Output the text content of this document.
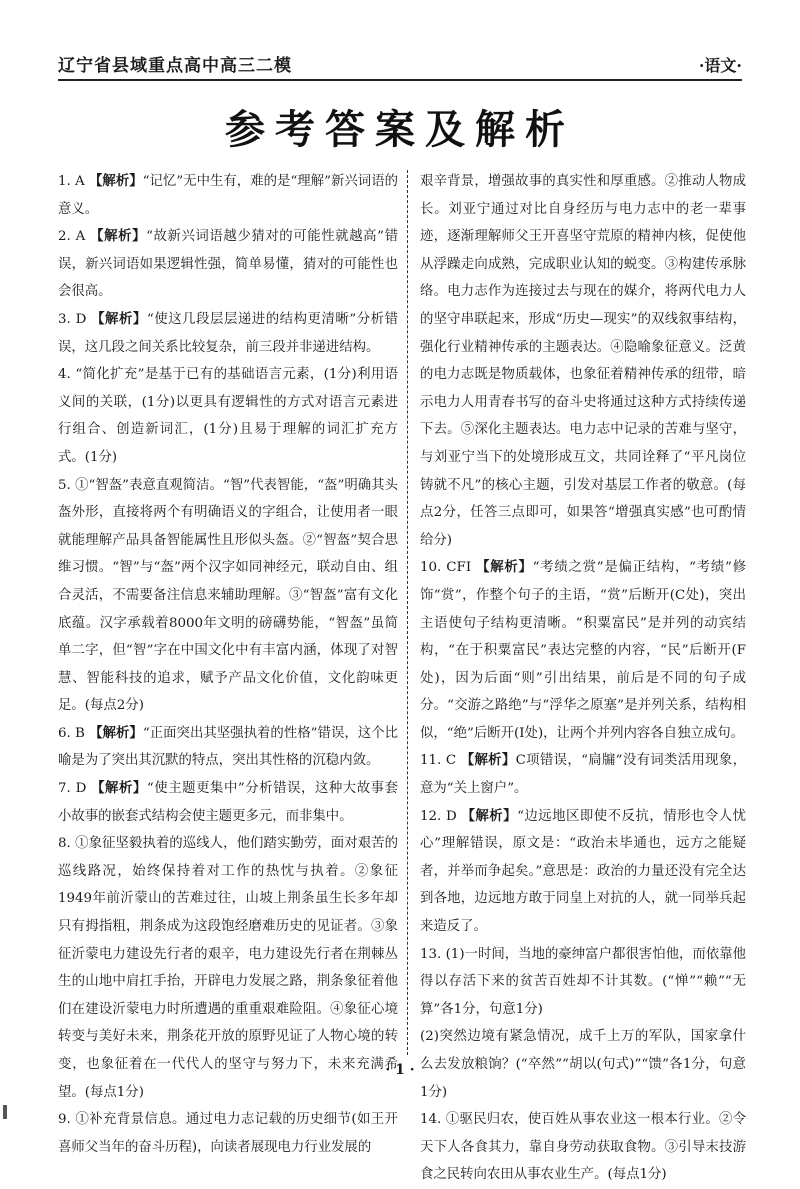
辽宁省县域重点高中高三二模	·语文·
参考答案及解析

1. A 【解析】“记忆”无中生有，难的是“理解”新兴词语的意义。

2. A 【解析】“故新兴词语越少猜对的可能性就越高”错误，新兴词语如果逻辑性强，简单易懂，猜对的可能性也会很高。

3. D 【解析】“使这几段层层递进的结构更清晰”分析错误，这几段之间关系比较复杂，前三段并非递进结构。

4. “简化扩充”是基于已有的基础语言元素，(1分)利用语义间的关联，(1分)以更具有逻辑性的方式对语言元素进行组合、创造新词汇，(1分)且易于理解的词汇扩充方式。(1分)

5. ①“智盔”表意直观简洁。“智”代表智能，“盔”明确其头盔外形，直接将两个有明确语义的字组合，让使用者一眼就能理解产品具备智能属性且形似头盔。②“智盔”契合思维习惯。“智”与“盔”两个汉字如同神经元，联动自由、组合灵活，不需要备注信息来辅助理解。③“智盔”富有文化底蕴。汉字承载着8000年文明的磅礴势能，“智盔”虽简单二字，但“智”字在中国文化中有丰富内涵，体现了对智慧、智能科技的追求，赋予产品文化价值，文化韵味更足。(每点2分)

6. B 【解析】“正面突出其坚强执着的性格”错误，这个比喻是为了突出其沉默的特点，突出其性格的沉稳内敛。

7. D 【解析】“使主题更集中”分析错误，这种大故事套小故事的嵌套式结构会使主题更多元，而非集中。

8. ①象征坚毅执着的巡线人，他们踏实勤劳，面对艰苦的巡线路况，始终保持着对工作的热忱与执着。②象征1949年前沂蒙山的苦难过往，山坡上荆条虽生长多年却只有拇指粗，荆条成为这段饱经磨难历史的见证者。③象征沂蒙电力建设先行者的艰辛，电力建设先行者在荆棘丛生的山地中肩扛手抬，开辟电力发展之路，荆条象征着他们在建设沂蒙电力时所遭遇的重重艰难险阻。④象征心境转变与美好未来，荆条花开放的原野见证了人物心境的转变，也象征着在一代代人的坚守与努力下，未来充满希望。(每点1分)

9. ①补充背景信息。通过电力志记载的历史细节(如王开喜师父当年的奋斗历程)，向读者展现电力行业发展的

艰辛背景，增强故事的真实性和厚重感。②推动人物成长。刘亚宁通过对比自身经历与电力志中的老一辈事迹，逐渐理解师父王开喜坚守荒原的精神内核，促使他从浮躁走向成熟，完成职业认知的蜕变。③构建传承脉络。电力志作为连接过去与现在的媒介，将两代电力人的坚守串联起来，形成“历史—现实”的双线叙事结构，强化行业精神传承的主题表达。④隐喻象征意义。泛黄的电力志既是物质载体，也象征着精神传承的纽带，暗示电力人用青春书写的奋斗史将通过这种方式持续传递下去。⑤深化主题表达。电力志中记录的苦难与坚守，与刘亚宁当下的处境形成互文，共同诠释了“平凡岗位铸就不凡”的核心主题，引发对基层工作者的敬意。(每点2分，任答三点即可，如果答“增强真实感”也可酌情给分)

10. CFI 【解析】“考绩之赏”是偏正结构，“考绩”修饰“赏”，作整个句子的主语，“赏”后断开(C处)，突出主语使句子结构更清晰。“积粟富民”是并列的动宾结构，“在于积粟富民”表达完整的内容，“民”后断开(F处)，因为后面“则”引出结果，前后是不同的句子成分。“交游之路绝”与“浮华之原塞”是并列关系，结构相似，“绝”后断开(I处)，让两个并列内容各自独立成句。

11. C 【解析】C项错误，“扃牖”没有词类活用现象，意为“关上窗户”。

12. D 【解析】“边远地区即使不反抗，情形也令人忧心”理解错误，原文是：“政治未毕通也，远方之能疑者，并举而争起矣。”意思是：政治的力量还没有完全达到各地，边远地方敢于同皇上对抗的人，就一同举兵起来造反了。

13. (1)一时间，当地的豪绅富户都很害怕他，而依靠他得以存活下来的贫苦百姓却不计其数。(“惮”“赖”“无算”各1分，句意1分)

(2)突然边境有紧急情况，成千上万的军队，国家拿什么去发放粮饷？(“卒然”“胡以(句式)”“馈”各1分，句意1分)

14. ①驱民归农，使百姓从事农业这一根本行业。②令天下人各食其力，靠自身劳动获取食物。③引导末技游食之民转向农田从事农业生产。(每点1分)

· 1 ·
